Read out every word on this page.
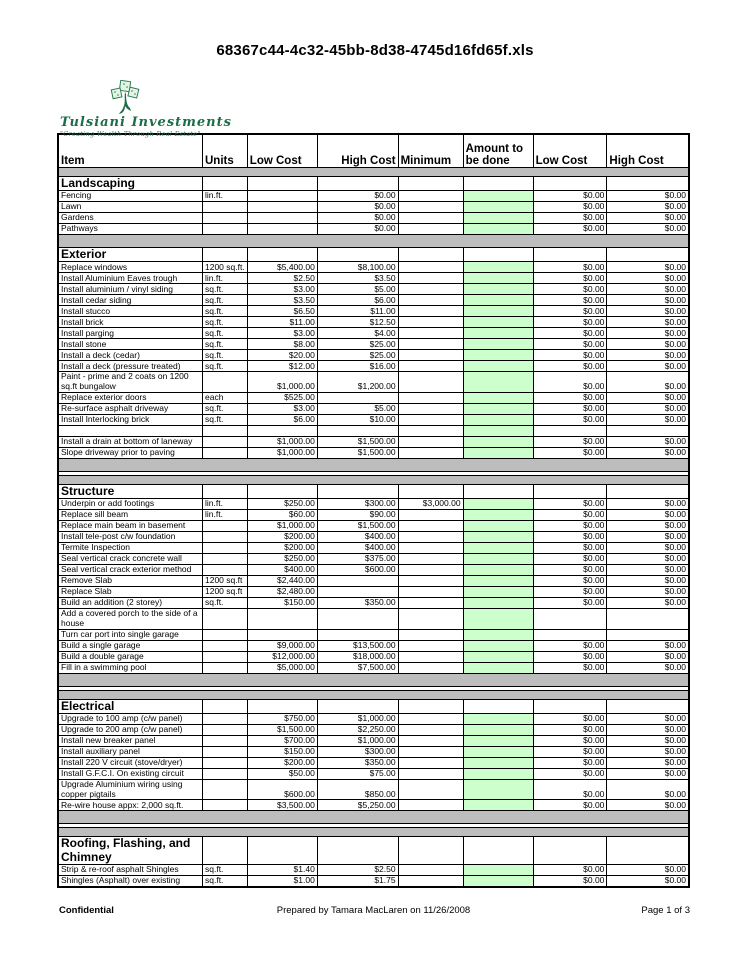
68367c44-4c32-45bb-8d38-4745d16fd65f.xls
Tulsiani Investments
"Creating Wealth Through Real Estate"
Item	Units	Low Cost	High Cost	Minimum	Amount to be done	Low Cost	High Cost

Landscaping							
Fencing	lin.ft.		$0.00			$0.00	$0.00
Lawn			$0.00			$0.00	$0.00
Gardens			$0.00			$0.00	$0.00
Pathways			$0.00			$0.00	$0.00

Exterior							
Replace windows	1200 sq.ft.	$5,400.00	$8,100.00			$0.00	$0.00
Install Aluminium Eaves trough	lin.ft.	$2.50	$3.50			$0.00	$0.00
Install aluminium / vinyl siding	sq.ft.	$3.00	$5.00			$0.00	$0.00
Install cedar siding	sq.ft.	$3.50	$6.00			$0.00	$0.00
Install stucco	sq.ft.	$6.50	$11.00			$0.00	$0.00
Install brick	sq.ft.	$11.00	$12.50			$0.00	$0.00
Install parging	sq.ft.	$3.00	$4.00			$0.00	$0.00
Install stone	sq.ft.	$8.00	$25.00			$0.00	$0.00
Install a deck (cedar)	sq.ft.	$20.00	$25.00			$0.00	$0.00
Install a deck (pressure treated)	sq.ft.	$12.00	$16.00			$0.00	$0.00
Paint - prime and 2 coats on 1200 sq.ft bungalow		$1,000.00	$1,200.00			$0.00	$0.00
Replace exterior doors	each	$525.00				$0.00	$0.00
Re-surface asphalt driveway	sq.ft.	$3.00	$5.00			$0.00	$0.00
Install Interlocking brick	sq.ft.	$6.00	$10.00			$0.00	$0.00

Install a drain at bottom of laneway		$1,000.00	$1,500.00			$0.00	$0.00
Slope driveway prior to paving		$1,000.00	$1,500.00			$0.00	$0.00

Structure							
Underpin or add footings	lin.ft.	$250.00	$300.00	$3,000.00		$0.00	$0.00
Replace sill beam	lin.ft.	$60.00	$90.00			$0.00	$0.00
Replace main beam in basement		$1,000.00	$1,500.00			$0.00	$0.00
Install tele-post c/w foundation		$200.00	$400.00			$0.00	$0.00
Termite Inspection		$200.00	$400.00			$0.00	$0.00
Seal vertical crack concrete wall		$250.00	$375.00			$0.00	$0.00
Seal vertical crack exterior method		$400.00	$600.00			$0.00	$0.00
Remove Slab	1200 sq.ft	$2,440.00				$0.00	$0.00
Replace Slab	1200 sq.ft	$2,480.00				$0.00	$0.00
Build an addition (2 storey)	sq.ft.	$150.00	$350.00			$0.00	$0.00
Add a covered porch to the side of a house							
Turn car port into single garage							
Build a single garage		$9,000.00	$13,500.00			$0.00	$0.00
Build a double garage		$12,000.00	$18,000.00			$0.00	$0.00
Fill in a swimming pool		$5,000.00	$7,500.00			$0.00	$0.00

Electrical							
Upgrade to 100 amp (c/w panel)		$750.00	$1,000.00			$0.00	$0.00
Upgrade to 200 amp (c/w panel)		$1,500.00	$2,250.00			$0.00	$0.00
Install new breaker panel		$700.00	$1,000.00			$0.00	$0.00
Install auxiliary panel		$150.00	$300.00			$0.00	$0.00
Install 220 V circuit (stove/dryer)		$200.00	$350.00			$0.00	$0.00
Install G.F.C.I. On existing circuit		$50.00	$75.00			$0.00	$0.00
Upgrade Aluminium wiring using copper pigtails		$600.00	$850.00			$0.00	$0.00
Re-wire house appx: 2,000 sq.ft.		$3,500.00	$5,250.00			$0.00	$0.00

Roofing, Flashing, and Chimney							
Strip & re-roof asphalt Shingles	sq.ft.	$1.40	$2.50			$0.00	$0.00
Shingles (Asphalt) over existing	sq.ft.	$1.00	$1.75			$0.00	$0.00
Confidential	Prepared by Tamara MacLaren on 11/26/2008	Page 1 of 3
